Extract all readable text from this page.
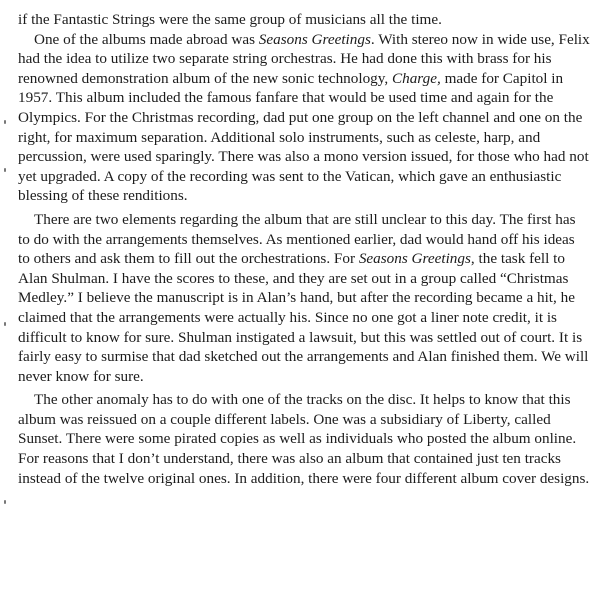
if the Fantastic Strings were the same group of musicians all the time.

One of the albums made abroad was Seasons Greetings. With stereo now in wide use, Felix had the idea to utilize two separate string orchestras. He had done this with brass for his renowned demonstration album of the new sonic technology, Charge, made for Capitol in 1957. This album included the famous fanfare that would be used time and again for the Olympics. For the Christmas recording, dad put one group on the left channel and one on the right, for maximum separation. Additional solo instruments, such as celeste, harp, and percussion, were used sparingly. There was also a mono version issued, for those who had not yet upgraded. A copy of the recording was sent to the Vatican, which gave an enthusiastic blessing of these renditions.

There are two elements regarding the album that are still unclear to this day. The first has to do with the arrangements themselves. As mentioned earlier, dad would hand off his ideas to others and ask them to fill out the orchestrations. For Seasons Greetings, the task fell to Alan Shulman. I have the scores to these, and they are set out in a group called “Christmas Medley.” I believe the manuscript is in Alan’s hand, but after the recording became a hit, he claimed that the arrangements were actually his. Since no one got a liner note credit, it is difficult to know for sure. Shulman instigated a lawsuit, but this was settled out of court. It is fairly easy to surmise that dad sketched out the arrangements and Alan finished them. We will never know for sure.

The other anomaly has to do with one of the tracks on the disc. It helps to know that this album was reissued on a couple different labels. One was a subsidiary of Liberty, called Sunset. There were some pirated copies as well as individuals who posted the album online. For reasons that I don’t understand, there was also an album that contained just ten tracks instead of the twelve original ones. In addition, there were four different album cover designs.
